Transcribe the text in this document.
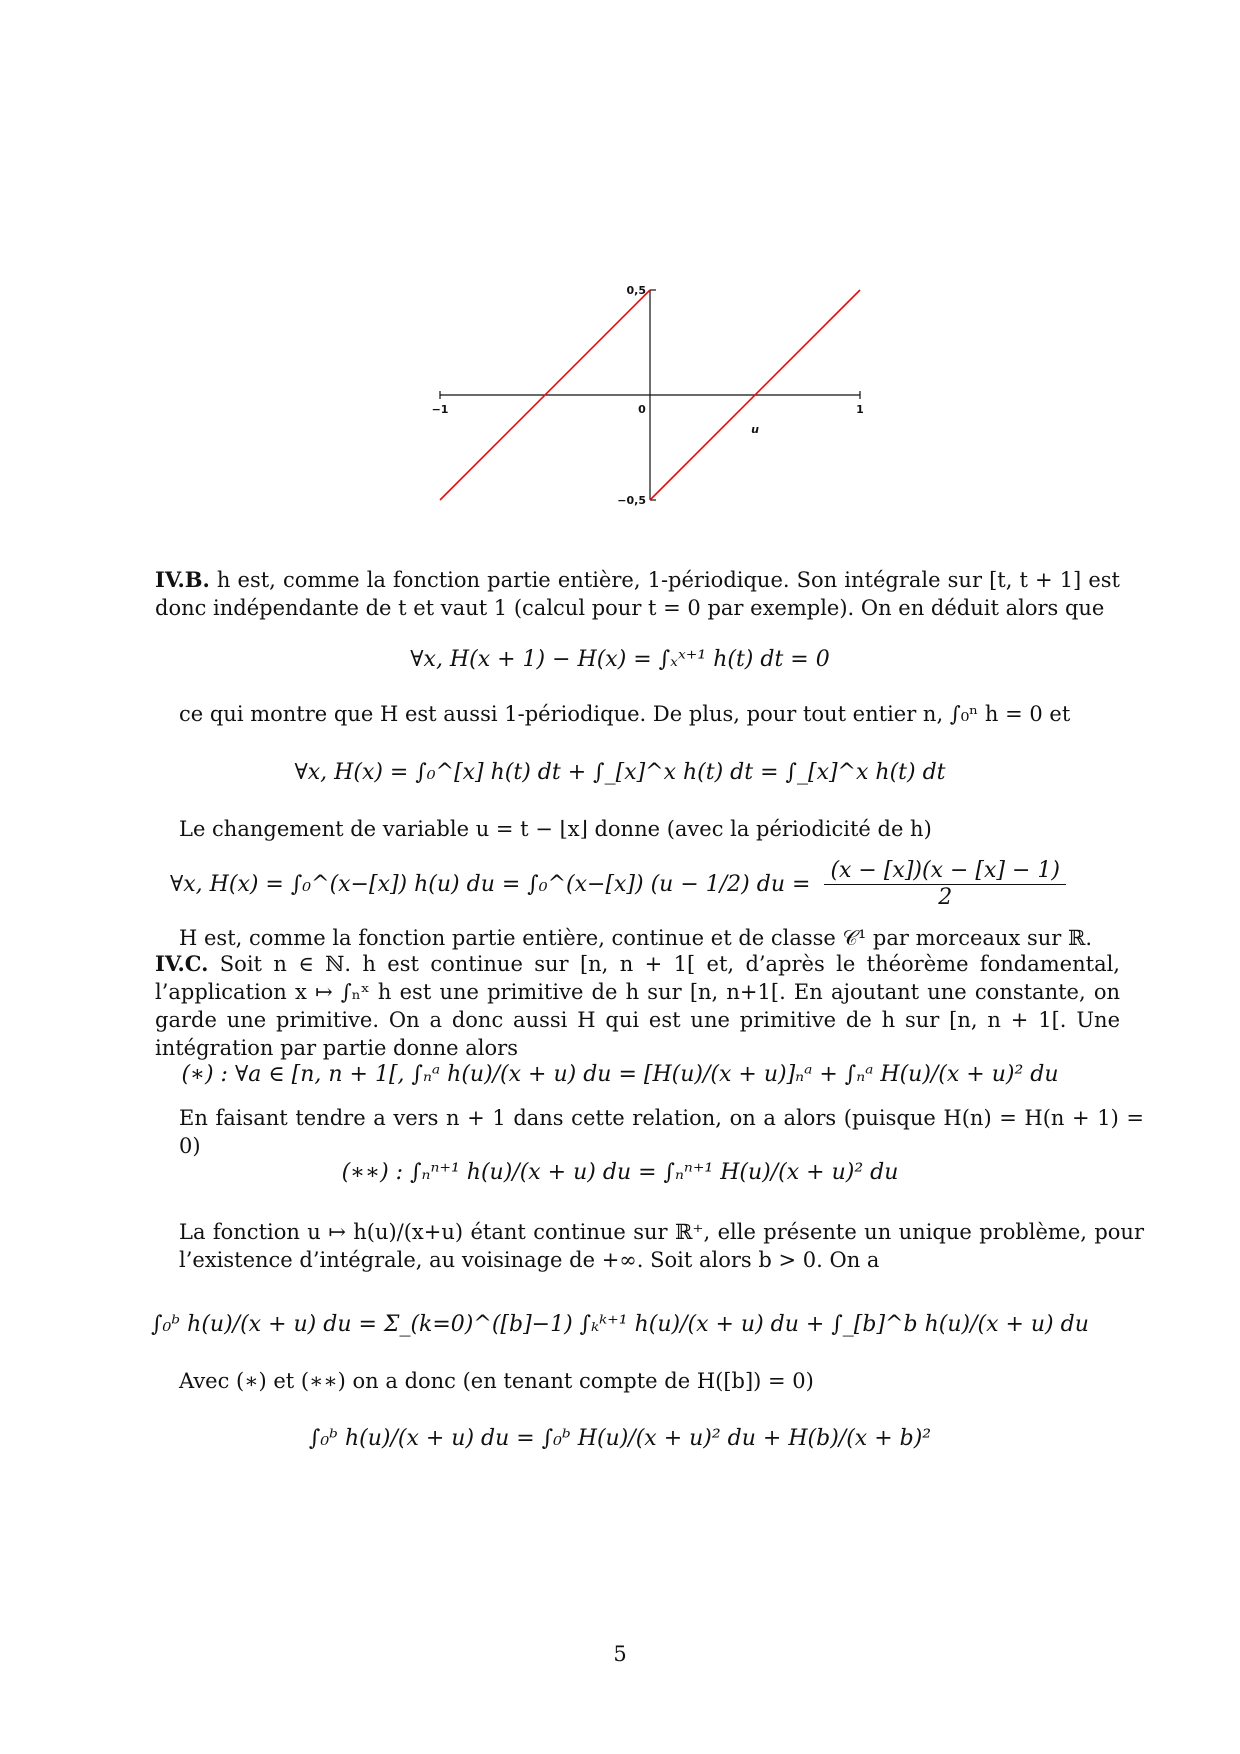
−1	0	1
0,5
−0,5
u

IV.B. h est, comme la fonction partie entière, 1-périodique. Son intégrale sur [t, t + 1] est donc indépendante de t et vaut 1 (calcul pour t = 0 par exemple). On en déduit alors que

∀x, H(x + 1) − H(x) = ∫ₓˣ⁺¹ h(t) dt = 0

ce qui montre que H est aussi 1-périodique. De plus, pour tout entier n, ∫₀ⁿ h = 0 et

∀x, H(x) = ∫₀^[x] h(t) dt + ∫_[x]^x h(t) dt = ∫_[x]^x h(t) dt

Le changement de variable u = t − ⌊x⌋ donne (avec la périodicité de h)

∀x, H(x) = ∫₀^(x−[x]) h(u) du = ∫₀^(x−[x]) (u − 1/2) du = $\frac{(x - [x])(x - [x] - 1)}{2}$

H est, comme la fonction partie entière, continue et de classe 𝒞¹ par morceaux sur ℝ.

IV.C. Soit n ∈ ℕ. h est continue sur [n, n + 1[ et, d’après le théorème fondamental, l’application x ↦ ∫ₙˣ h est une primitive de h sur [n, n+1[. En ajoutant une constante, on garde une primitive. On a donc aussi H qui est une primitive de h sur [n, n + 1[. Une intégration par partie donne alors

(∗) : ∀a ∈ [n, n + 1[, ∫ₙᵃ h(u)/(x + u) du = [H(u)/(x + u)]ₙᵃ + ∫ₙᵃ H(u)/(x + u)² du

En faisant tendre a vers n + 1 dans cette relation, on a alors (puisque H(n) = H(n + 1) = 0)

(∗∗) : ∫ₙⁿ⁺¹ h(u)/(x + u) du = ∫ₙⁿ⁺¹ H(u)/(x + u)² du

La fonction u ↦ h(u)/(x+u) étant continue sur ℝ⁺, elle présente un unique problème, pour l’existence d’intégrale, au voisinage de +∞. Soit alors b > 0. On a

∫₀ᵇ h(u)/(x + u) du = Σ_(k=0)^([b]−1) ∫ₖᵏ⁺¹ h(u)/(x + u) du + ∫_[b]^b h(u)/(x + u) du

Avec (∗) et (∗∗) on a donc (en tenant compte de H([b]) = 0)

∫₀ᵇ h(u)/(x + u) du = ∫₀ᵇ H(u)/(x + u)² du + H(b)/(x + b)²
5
